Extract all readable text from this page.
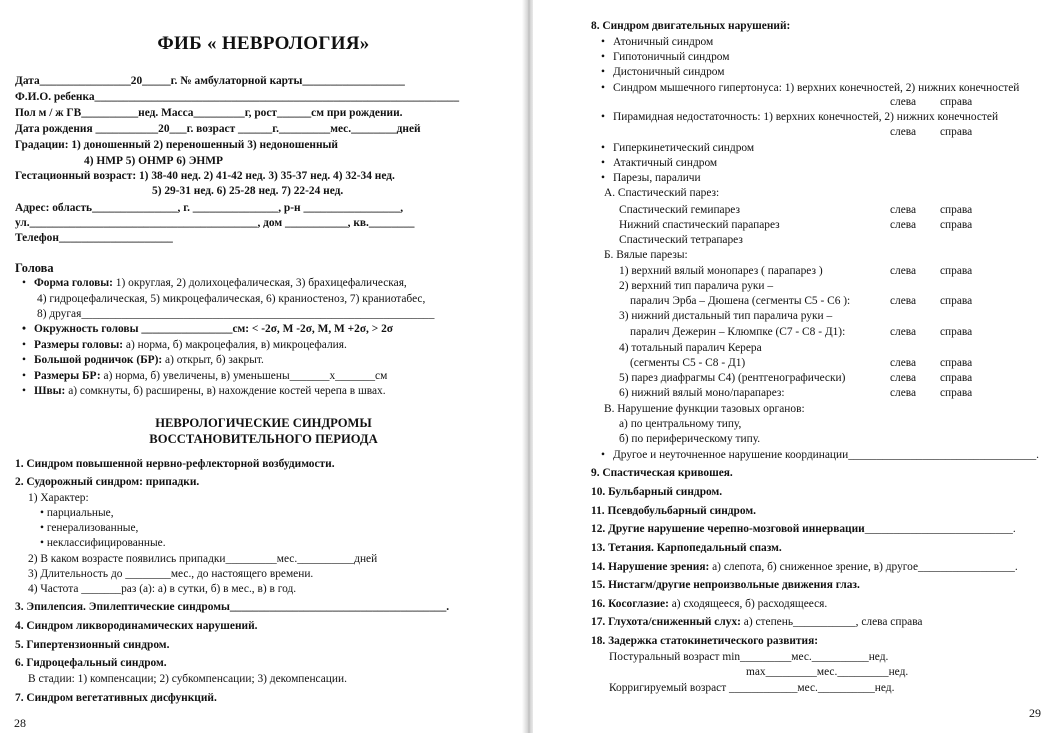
ФИБ « НЕВРОЛОГИЯ»
Дата________________20_____г. № амбулаторной карты__________________
Ф.И.О. ребенка________________________________________________________________
Пол м / ж ГВ__________нед. Масса_________г, рост______см при рождении.
Дата рождения ___________20___г. возраст ______г._________мес.________дней
Градации: 1) доношенный 2) переношенный 3) недоношенный
4) НМР 5) ОНМР 6) ЭНМР
Гестационный возраст: 1) 38-40 нед. 2) 41-42 нед. 3) 35-37 нед. 4) 32-34 нед.
5) 29-31 нед. 6) 25-28 нед. 7) 22-24 нед.
Адрес: область_______________, г. _______________, р-н _________________,
ул.________________________________________, дом ___________, кв.________
Телефон____________________
Голова
• Форма головы: 1) округлая, 2) долихоцефалическая, 3) брахицефалическая,
4) гидроцефалическая, 5) микроцефалическая, 6) краниостеноз, 7) краниотабес,
8) другая______________________________________________________________
• Окружность головы ________________см: < -2σ, М -2σ, М, М +2σ, > 2σ
• Размеры головы: а) норма, б) макроцефалия, в) микроцефалия.
• Большой родничок (БР): а) открыт, б) закрыт.
• Размеры БР: а) норма, б) увеличены, в) уменьшены_______х_______см
• Швы: а) сомкнуты, б) расширены, в) нахождение костей черепа в швах.
НЕВРОЛОГИЧЕСКИЕ СИНДРОМЫ
ВОССТАНОВИТЕЛЬНОГО ПЕРИОДА
1. Синдром повышенной нервно-рефлекторной возбудимости.
2. Судорожный синдром: припадки.
1) Характер:
• парциальные,
• генерализованные,
• неклассифицированные.
2) В каком возрасте появились припадки_________мес.__________дней
3) Длительность до ________мес., до настоящего времени.
4) Частота _______раз (а): а) в сутки, б) в мес., в) в год.
3. Эпилепсия. Эпилептические синдромы______________________________________.
4. Синдром ликвородинамических нарушений.
5. Гипертензионный синдром.
6. Гидроцефальный синдром.
В стадии: 1) компенсации; 2) субкомпенсации; 3) декомпенсации.
7. Синдром вегетативных дисфункций.
28
8. Синдром двигательных нарушений:
• Атоничный синдром
• Гипотоничный синдром
• Дистоничный синдром
• Синдром мышечного гипертонуса: 1) верхних конечностей, 2) нижних конечностей
слева справа
• Пирамидная недостаточность: 1) верхних конечностей, 2) нижних конечностей
слева справа
• Гиперкинетический синдром
• Атактичный синдром
• Парезы, параличи
А. Спастический парез:
Спастический гемипарез	слева справа
Нижний спастический парапарез	слева справа
Спастический тетрапарез
Б. Вялые парезы:
1) верхний вялый монопарез ( парапарез )	слева справа
2) верхний тип паралича руки –
паралич Эрба – Дюшена (сегменты С5 - С6 ):	слева справа
3) нижний дистальный тип паралича руки –
паралич Дежерин – Клюмпке (С7 - С8 - Д1):	слева справа
4) тотальный паралич Керера
(сегменты С5 - С8 - Д1)	слева справа
5) парез диафрагмы С4) (рентгенографически)	слева справа
6) нижний вялый моно/парапарез:	слева справа
В. Нарушение функции тазовых органов:
а) по центральному типу,
б) по периферическому типу.
• Другое и неуточненное нарушение координации_________________________________.
9. Спастическая кривошея.
10. Бульбарный синдром.
11. Псевдобульбарный синдром.
12. Другие нарушение черепно-мозговой иннервации__________________________.
13. Тетания. Карпопедальный спазм.
14. Нарушение зрения: а) слепота, б) сниженное зрение, в) другое_________________.
15. Нистагм/другие непроизвольные движения глаз.
16. Косоглазие: а) сходящееся, б) расходящееся.
17. Глухота/сниженный слух: а) степень___________, слева справа
18. Задержка статокинетического развития:
Постуральный возраст min_________мес.__________нед.
max_________мес._________нед.
Корригируемый возраст ____________мес.__________нед.
29
